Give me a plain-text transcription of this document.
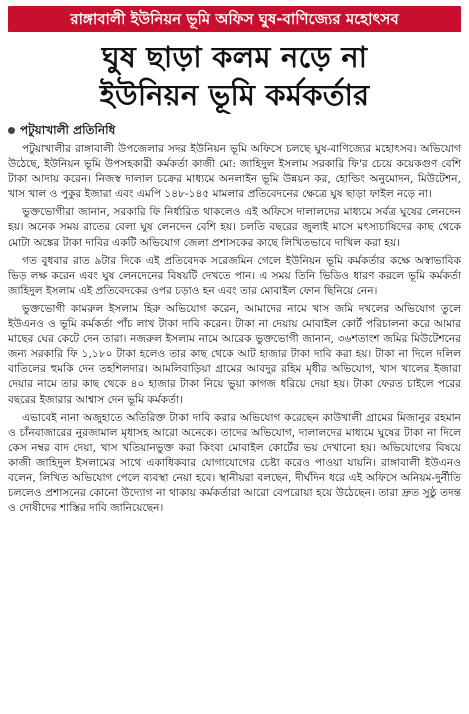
রাঙ্গাবালী ইউনিয়ন ভূমি অফিস ঘুষ-বাণিজ্যের মহোৎসব
ঘুষ ছাড়া কলম নড়ে না
ইউনিয়ন ভূমি কর্মকর্তার
পটুয়াখালী প্রতিনিধি

পটুয়াখালীর রাঙ্গাবালী উপজেলার সদর ইউনিয়ন ভূমি অফিসে চলছে ঘুষ-বাণিজ্যের মহোৎসব। অভিযোগ উঠেছে, ইউনিয়ন ভূমি উপসহকারী কর্মকর্তা কাজী মো: জাহিদুল ইসলাম সরকারি ফি'র চেয়ে কয়েকগুণ বেশি টাকা আদায় করেন। নিজস্ব দালাল চক্রের মাধ্যমে অনলাইন ভূমি উন্নয়ন কর, হোল্ডিং অনুমোদন, মিউটেশন, খাস খাল ও পুকুর ইজারা এবং এমপি ১৪৮-১৪৫ মামলার প্রতিবেদনের ক্ষেত্রে ঘুষ ছাড়া ফাইল নড়ে না।

ভুক্তভোগীরা জানান, সরকারি ফি নির্ধারিত থাকলেও এই অফিসে দালালদের মাধ্যমে সর্বত্র ঘুষের লেনদেন হয়। অনেক সময় রাতের বেলা ঘুষ লেনদেন বেশি হয়। চলতি বছরের জুলাই মাসে মৎস্যচাষিদের কাছ থেকে মোটা অঙ্কের টাকা দাবির একটি অভিযোগ জেলা প্রশাসকের কাছে লিখিতভাবে দাখিল করা হয়।

গত বুধবার রাত ৯টার দিকে এই প্রতিবেদক সরেজমিন গেলে ইউনিয়ন ভূমি কর্মকর্তার কক্ষে অস্বাভাবিক ভিড় লক্ষ করেন এবং ঘুষ লেনদেনের বিষয়টি দেখতে পান। এ সময় তিনি ভিডিও ধারণ করলে ভূমি কর্মকর্তা জাহিদুল ইসলাম এই প্রতিবেদকের ওপর চড়াও হন এবং তার মোবাইল ফোন ছিনিয়ে নেন।

ভুক্তভোগী কামরুল ইসলাম হিরু অভিযোগ করেন, আমাদের নামে খাস জমি দখলের অভিযোগ তুলে ইউএনও ও ভূমি কর্মকর্তা পাঁচ লাখ টাকা দাবি করেন। টাকা না দেয়ায় মোবাইল কোর্ট পরিচালনা করে আমার মাছের ঘের কেটে দেন তারা। নজরুল ইসলাম নামে আরেক ভুক্তভোগী জানান, ৩৬শতাংশ জমির মিউটেশনের জন্য সরকারি ফি ১,১৮০ টাকা হলেও তার কাছ থেকে আট হাজার টাকা দাবি করা হয়। টাকা না দিলে দলিল বাতিলের হুমকি দেন তহশিলদার। আমলিবাড়িয়া গ্রামের আবদুর রহিম মৃধীর অভিযোগ, খাস খালের ইজারা দেয়ার নামে তার কাছ থেকে ৪০ হাজার টাকা নিয়ে ভুয়া কাগজ ধরিয়ে দেয়া হয়। টাকা ফেরত চাইলে পরের বছরের ইজারার আশ্বাস দেন ভূমি কর্মকর্তা।

এভাবেই নানা অজুহাতে অতিরিক্ত টাকা দাবি করার অভিযোগ করেছেন কাউখালী গ্রামের মিজানুর রহমান ও চাঁনবাজারের নুরজামাল মৃধাসহ আরো অনেকে। তাদের অভিযোগ, দালালদের মাধ্যমে ঘুষের টাকা না দিলে কেস নম্বর বাদ দেয়া, খাস খতিয়ানভুক্ত করা কিংবা মোবাইল কোর্টের ভয় দেখানো হয়। অভিযোগের বিষয়ে কাজী জাহিদুল ইসলামের সাথে একাধিকবার যোগাযোগের চেষ্টা করেও পাওয়া যায়নি। রাঙ্গাবালী ইউএনও বলেন, লিখিত অভিযোগ পেলে ব্যবস্থা নেয়া হবে। স্থানীয়রা বলছেন, দীর্ঘদিন ধরে এই অফিসে অনিয়ম-দুর্নীতি চললেও প্রশাসনের কোনো উদ্যোগ না থাকায় কর্মকর্তারা আরো বেপরোয়া হয়ে উঠেছেন। তারা দ্রুত সুষ্ঠু তদন্ত ও দোষীদের শাস্তির দাবি জানিয়েছেন।
